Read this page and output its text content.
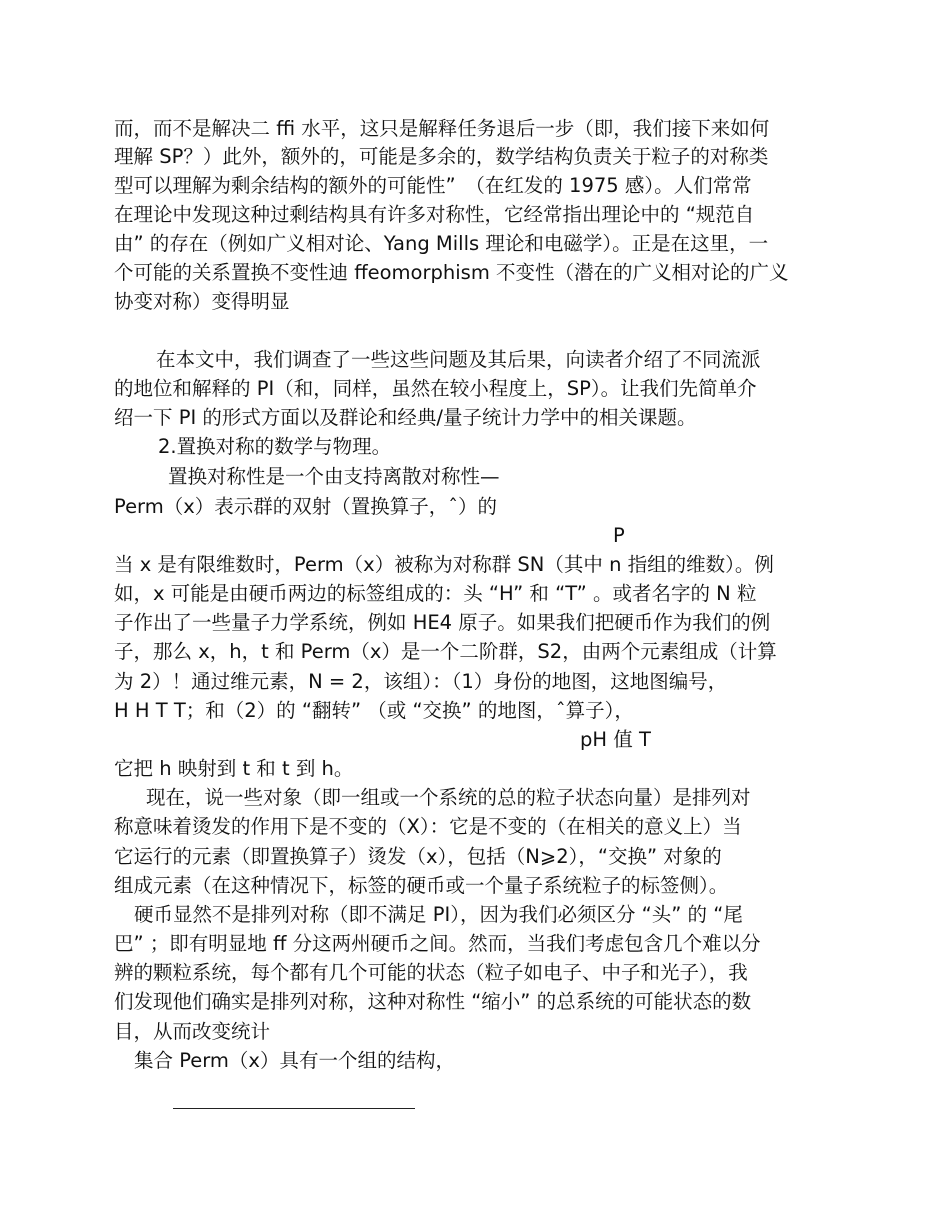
而，而不是解决二 ffi 水平，这只是解释任务退后一步（即，我们接下来如何

理解 SP？）此外，额外的，可能是多余的，数学结构负责关于粒子的对称类

型可以理解为剩余结构的额外的可能性”　（在红发的 1975 感）。人们常常

在理论中发现这种过剩结构具有许多对称性，它经常指出理论中的 “规范自

由” 的存在（例如广义相对论、Yang Mills 理论和电磁学）。正是在这里，一

个可能的关系置换不变性迪 ffeomorphism 不变性（潜在的广义相对论的广义

协变对称）变得明显

在本文中，我们调查了一些这些问题及其后果，向读者介绍了不同流派

的地位和解释的 PI（和，同样，虽然在较小程度上，SP）。让我们先简单介

绍一下 PI 的形式方面以及群论和经典/量子统计力学中的相关课题。

2.置换对称的数学与物理。

置换对称性是一个由支持离散对称性—

Perm（x）表示群的双射（置换算子，ˆ）的

P

当 x 是有限维数时，Perm（x）被称为对称群 SN（其中 n 指组的维数）。例

如，x 可能是由硬币两边的标签组成的：头 “H” 和 “T” 。或者名字的 N 粒

子作出了一些量子力学系统，例如 HE4 原子。如果我们把硬币作为我们的例

子，那么 x，h，t 和 Perm（x）是一个二阶群，S2，由两个元素组成（计算

为 2）！通过维元素，N = 2，该组）：（1）身份的地图，这地图编号，

H H T T；和（2）的 “翻转” （或 “交换” 的地图，ˆ算子），

pH 值 T

它把 h 映射到 t 和 t 到 h。

现在，说一些对象（即一组或一个系统的总的粒子状态向量）是排列对

称意味着烫发的作用下是不变的（X）：它是不变的（在相关的意义上）当

它运行的元素（即置换算子）烫发（x），包括（N⩾2），“交换” 对象的

组成元素（在这种情况下，标签的硬币或一个量子系统粒子的标签侧）。

硬币显然不是排列对称（即不满足 PI），因为我们必须区分 “头” 的 “尾

巴” ；即有明显地 ff 分这两州硬币之间。然而，当我们考虑包含几个难以分

辨的颗粒系统，每个都有几个可能的状态（粒子如电子、中子和光子），我

们发现他们确实是排列对称，这种对称性 “缩小” 的总系统的可能状态的数

目，从而改变统计

集合 Perm（x）具有一个组的结构，
